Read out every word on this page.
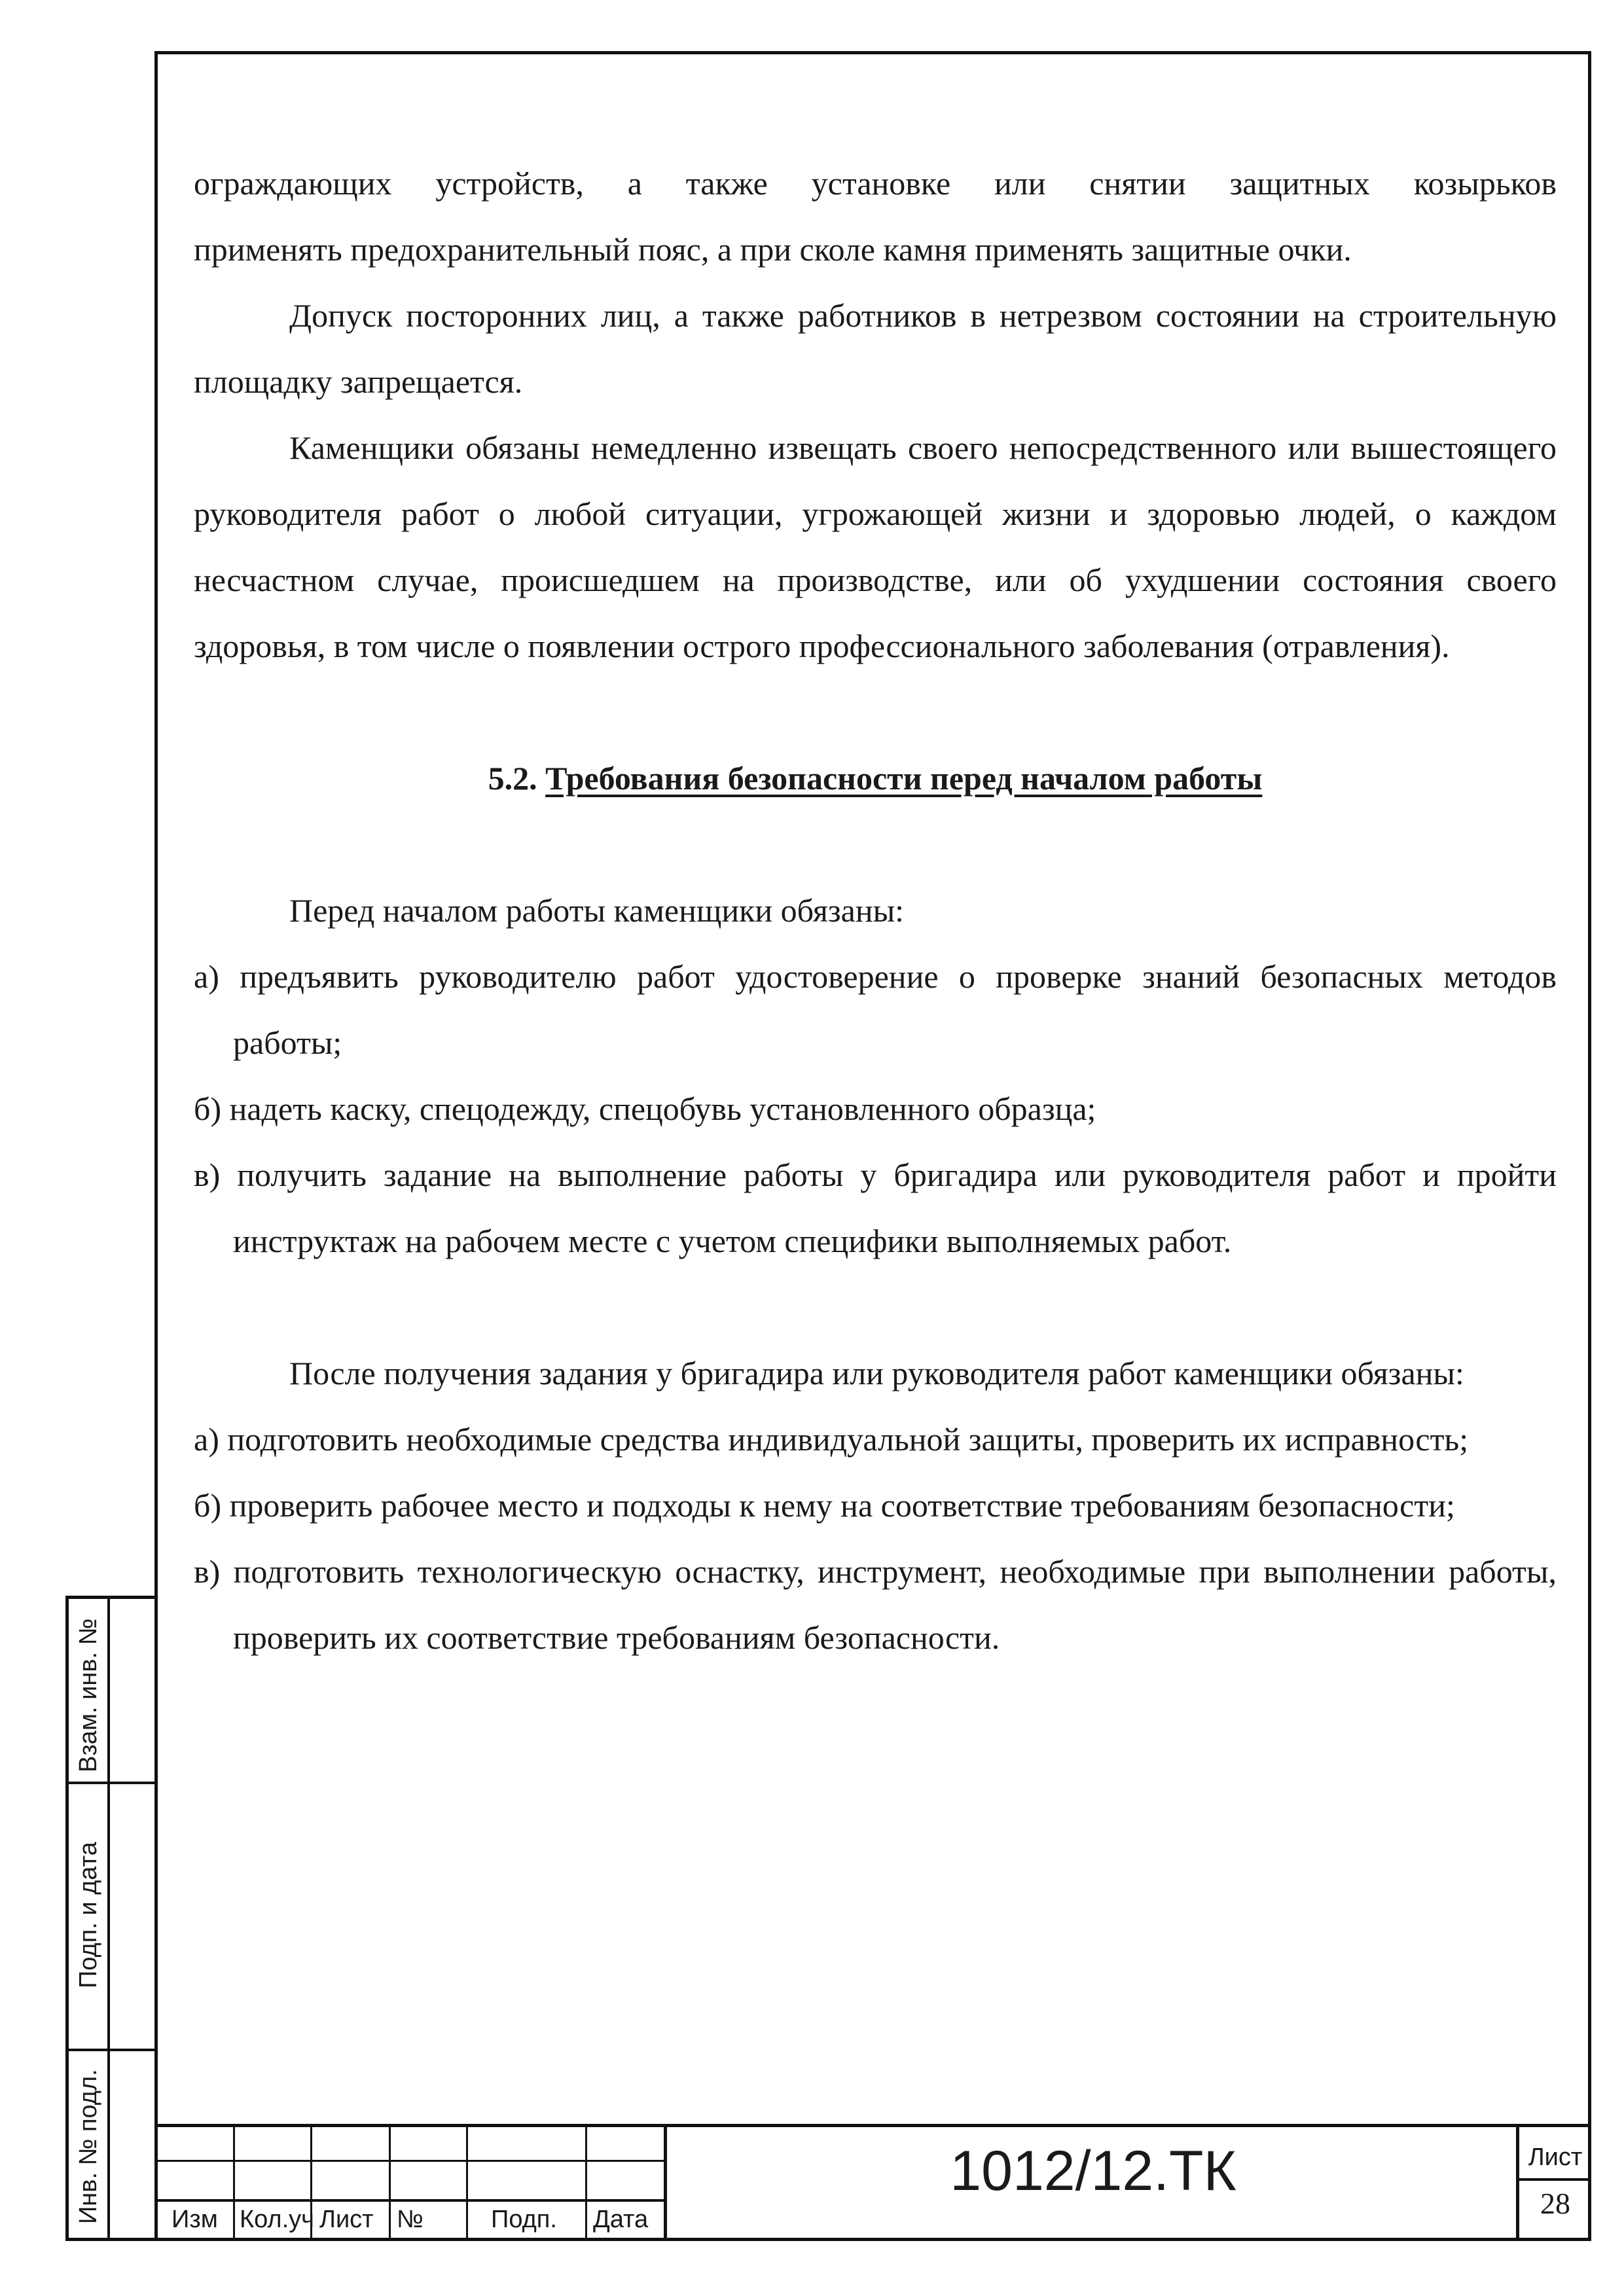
ограждающих устройств, а также установке или снятии защитных козырьков

применять предохранительный пояс, а при сколе камня применять защитные очки.

Допуск посторонних лиц, а также работников в нетрезвом состоянии на строительную площадку запрещается.

Каменщики обязаны немедленно извещать своего непосредственного или вышестоящего руководителя работ о любой ситуации, угрожающей жизни и здоровью людей, о каждом несчастном случае, происшедшем на производстве, или об ухудшении состояния своего здоровья, в том числе о появлении острого профессионального заболевания (отравления).

5.2. Требования безопасности перед началом работы

Перед началом работы каменщики обязаны:

а) предъявить руководителю работ удостоверение о проверке знаний безопасных методов работы;

б) надеть каску, спецодежду, спецобувь установленного образца;

в) получить задание на выполнение работы у бригадира или руководителя работ и пройти инструктаж на рабочем месте с учетом специфики выполняемых работ.

После получения задания у бригадира или руководителя работ каменщики обязаны:

а) подготовить необходимые средства индивидуальной защиты, проверить их исправность;

б) проверить рабочее место и подходы к нему на соответствие требованиям безопасности;

в) подготовить технологическую оснастку, инструмент, необходимые при выполнении работы, проверить их соответствие требованиям безопасности.

Взам. инв. №
Подп. и дата
Инв. № подл.	Изм Кол.уч Лист №	Подп. Дата
1012/12.ТК	Лист
28
